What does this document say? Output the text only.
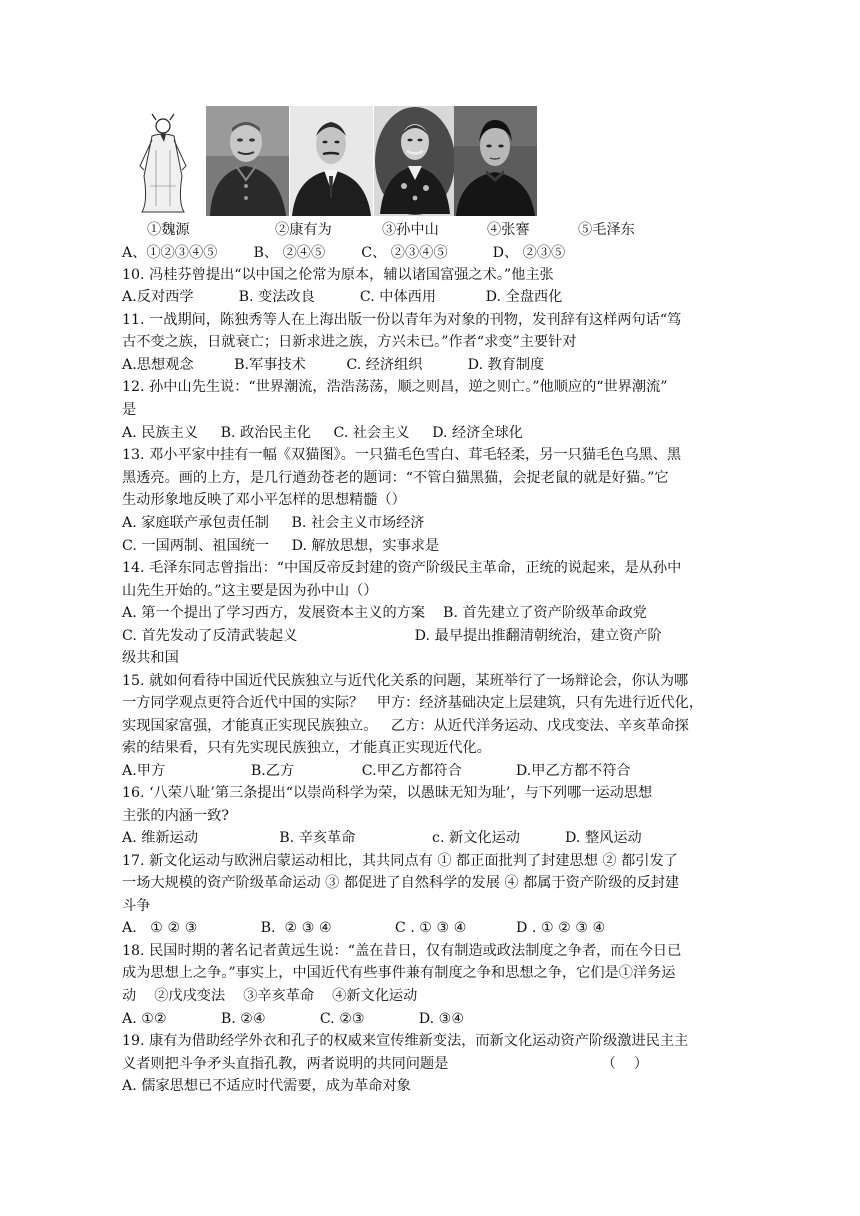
①魏源	②康有为	③孙中山	④张謇	⑤毛泽东
A、①②③④⑤        B、 ②④⑤        C、 ②③④⑤          D、 ②③⑤
10. 冯桂芬曾提出“以中国之伦常为原本，辅以诸国富强之术。”他主张
A.反对西学          B. 变法改良          C. 中体西用           D. 全盘西化
11. 一战期间，陈独秀等人在上海出版一份以青年为对象的刊物，发刊辞有这样两句话“笃
古不变之族，日就衰亡；日新求进之族，方兴未已。”作者“求变”主要针对
A.思想观念         B.军事技术         C. 经济组织          D. 教育制度
12. 孙中山先生说：“世界潮流，浩浩荡荡，顺之则昌，逆之则亡。”他顺应的“世界潮流”
是
A. 民族主义     B. 政治民主化     C. 社会主义     D. 经济全球化
13. 邓小平家中挂有一幅《双猫图》。一只猫毛色雪白、茸毛轻柔，另一只猫毛色乌黑、黑
黑透亮。画的上方，是几行遒劲苍老的题词：“不管白猫黑猫，会捉老鼠的就是好猫。”它
生动形象地反映了邓小平怎样的思想精髓（）
A. 家庭联产承包责任制     B. 社会主义市场经济
C. 一国两制、祖国统一     D. 解放思想，实事求是
14. 毛泽东同志曾指出：“中国反帝反封建的资产阶级民主革命，正统的说起来，是从孙中
山先生开始的。”这主要是因为孙中山（）
A. 第一个提出了学习西方，发展资本主义的方案    B. 首先建立了资产阶级革命政党
C. 首先发动了反清武装起义                          D. 最早提出推翻清朝统治，建立资产阶
级共和国
15. 就如何看待中国近代民族独立与近代化关系的问题，某班举行了一场辩论会，你认为哪
一方同学观点更符合近代中国的实际？   甲方：经济基础决定上层建筑，只有先进行近代化，
实现国家富强，才能真正实现民族独立。   乙方：从近代洋务运动、戊戌变法、辛亥革命探
索的结果看，只有先实现民族独立，才能真正实现近代化。
A.甲方                   B.乙方               C.甲乙方都符合            D.甲乙方都不符合
16. ‘八荣八耻’第三条提出“以崇尚科学为荣，以愚昧无知为耻’，与下列哪一运动思想
主张的内涵一致?
A. 维新运动                  B. 辛亥革命                 c. 新文化运动          D. 整风运动
17. 新文化运动与欧洲启蒙运动相比，其共同点有 ① 都正面批判了封建思想 ② 都引发了
一场大规模的资产阶级革命运动 ③ 都促进了自然科学的发展 ④ 都属于资产阶级的反封建
斗争
A.   ① ② ③              B.  ② ③ ④              C . ① ③ ④           D . ① ② ③ ④
18. 民国时期的著名记者黄远生说：“盖在昔日，仅有制造或政法制度之争者，而在今日已
成为思想上之争。”事实上，中国近代有些事件兼有制度之争和思想之争，它们是①洋务运
动    ②戊戌变法    ③辛亥革命    ④新文化运动
A. ①②            B. ②④            C. ②③            D. ③④
19. 康有为借助经学外衣和孔子的权威来宣传维新变法，而新文化运动资产阶级激进民主主
义者则把斗争矛头直指孔教，两者说明的共同问题是                                  （    ）
A. 儒家思想已不适应时代需要，成为革命对象
